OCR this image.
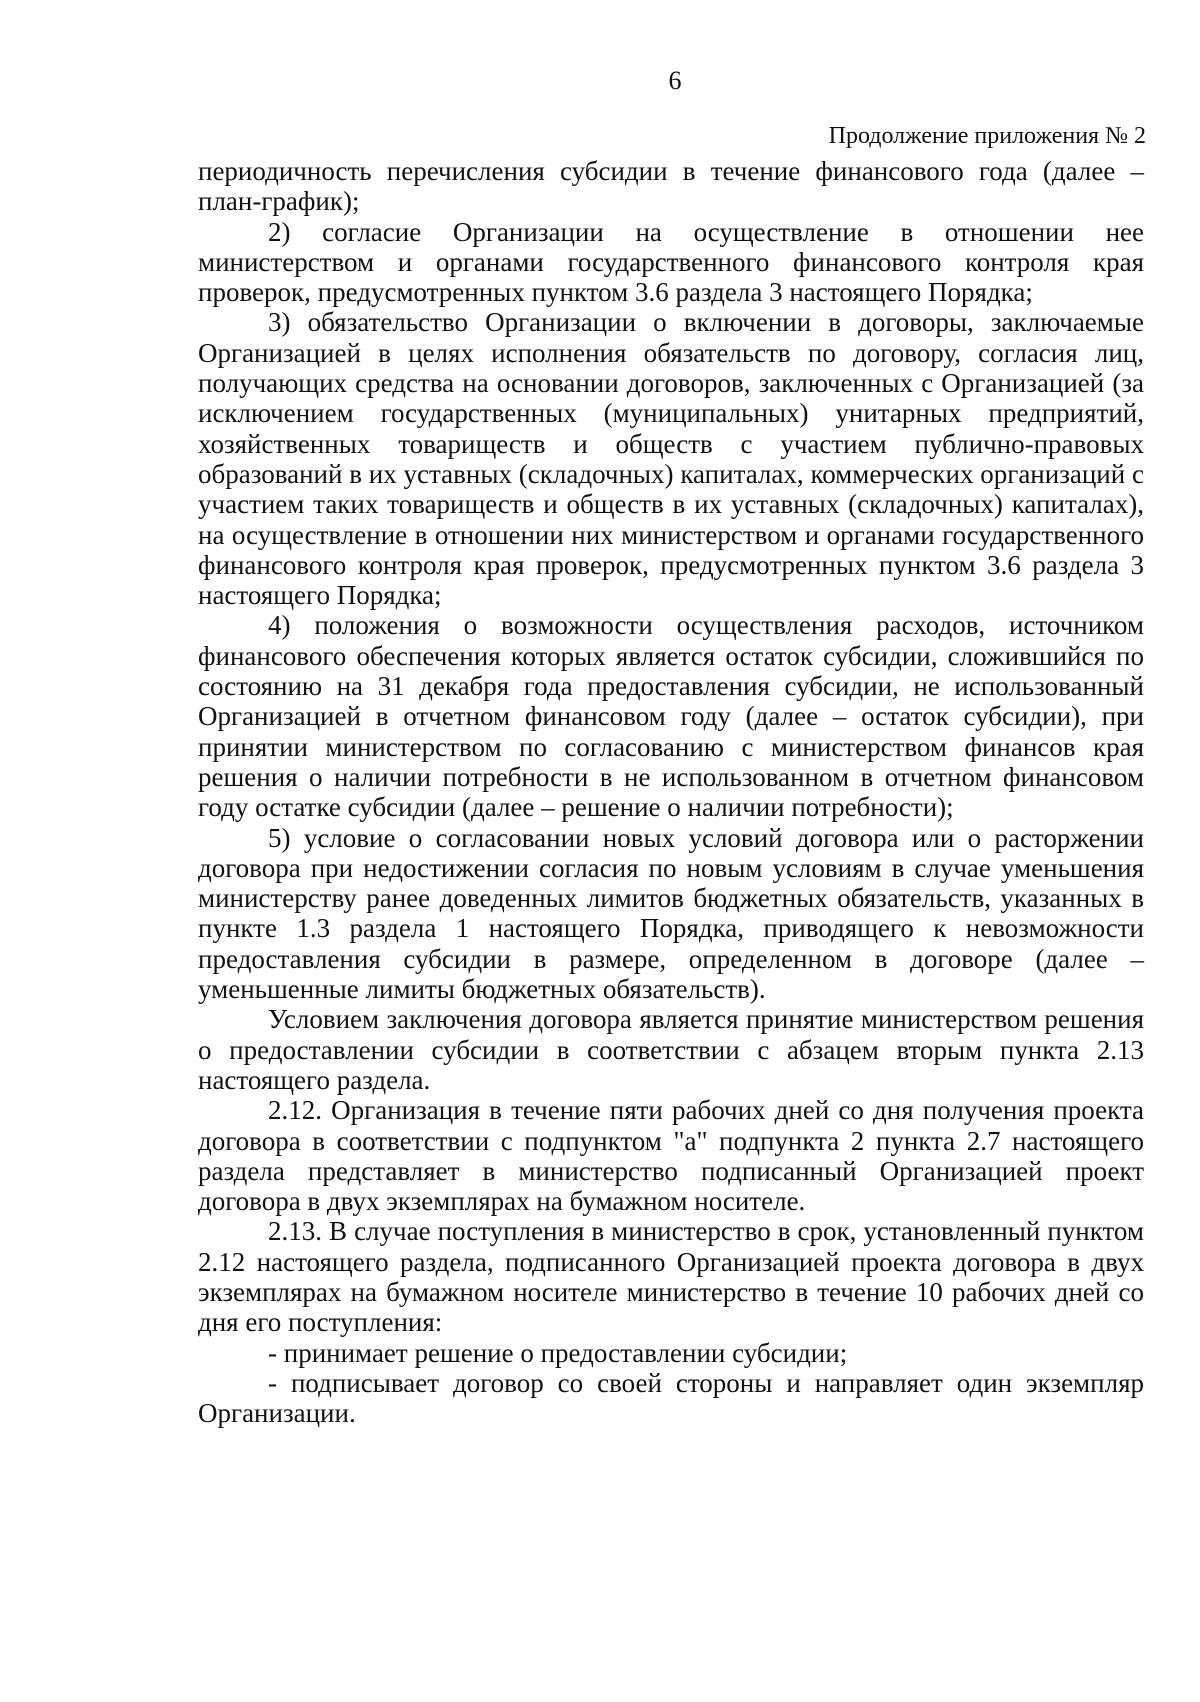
6
Продолжение приложения № 2

периодичность перечисления субсидии в течение финансового года (далее – план-график);

2) согласие Организации на осуществление в отношении нее министерством и органами государственного финансового контроля края проверок, предусмотренных пунктом 3.6 раздела 3 настоящего Порядка;

3) обязательство Организации о включении в договоры, заключаемые Организацией в целях исполнения обязательств по договору, согласия лиц, получающих средства на основании договоров, заключенных с Организацией (за исключением государственных (муниципальных) унитарных предприятий, хозяйственных товариществ и обществ с участием публично-правовых образований в их уставных (складочных) капиталах, коммерческих организаций с участием таких товариществ и обществ в их уставных (складочных) капиталах), на осуществление в отношении них министерством и органами государственного финансового контроля края проверок, предусмотренных пунктом 3.6 раздела 3 настоящего Порядка;

4) положения о возможности осуществления расходов, источником финансового обеспечения которых является остаток субсидии, сложившийся по состоянию на 31 декабря года предоставления субсидии, не использованный Организацией в отчетном финансовом году (далее – остаток субсидии), при принятии министерством по согласованию с министерством финансов края решения о наличии потребности в не использованном в отчетном финансовом году остатке субсидии (далее – решение о наличии потребности);

5) условие о согласовании новых условий договора или о расторжении договора при недостижении согласия по новым условиям в случае уменьшения министерству ранее доведенных лимитов бюджетных обязательств, указанных в пункте 1.3 раздела 1 настоящего Порядка, приводящего к невозможности предоставления субсидии в размере, определенном в договоре (далее – уменьшенные лимиты бюджетных обязательств).

Условием заключения договора является принятие министерством решения о предоставлении субсидии в соответствии с абзацем вторым пункта 2.13 настоящего раздела.

2.12. Организация в течение пяти рабочих дней со дня получения проекта договора в соответствии с подпунктом "а" подпункта 2 пункта 2.7 настоящего раздела представляет в министерство подписанный Организацией проект договора в двух экземплярах на бумажном носителе.

2.13. В случае поступления в министерство в срок, установленный пунктом 2.12 настоящего раздела, подписанного Организацией проекта договора в двух экземплярах на бумажном носителе министерство в течение 10 рабочих дней со дня его поступления:

- принимает решение о предоставлении субсидии;

- подписывает договор со своей стороны и направляет один экземпляр Организации.
